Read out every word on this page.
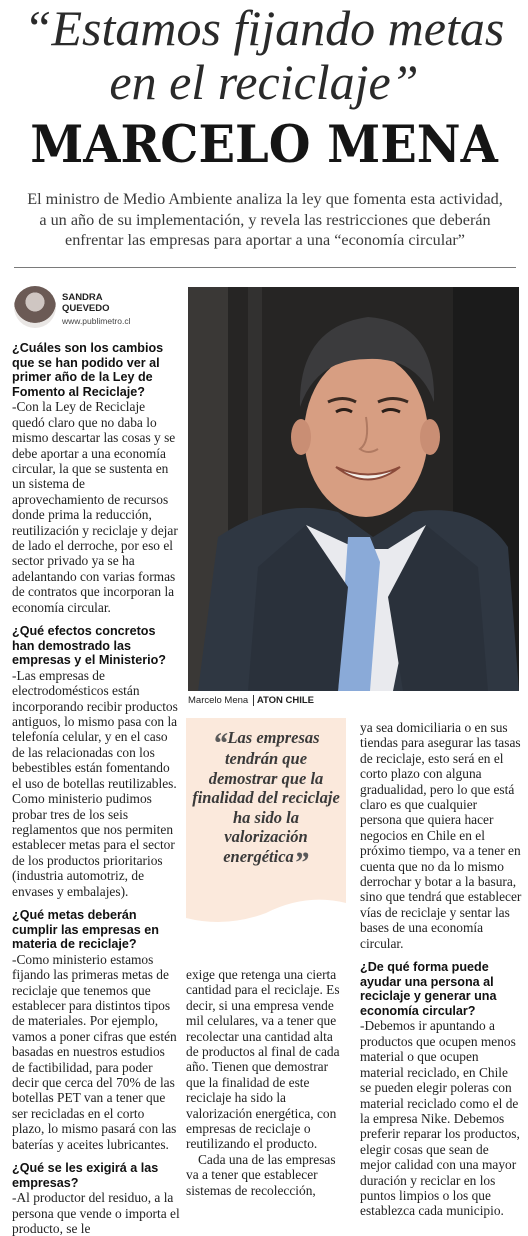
“Estamos fijando metas
en el reciclaje”
MARCELO MENA
El ministro de Medio Ambiente analiza la ley que fomenta esta actividad, a un año de su implementación, y revela las restricciones que deberán enfrentar las empresas para aportar a una “economía circular”
SANDRA
QUEVEDO
www.publimetro.cl

¿Cuáles son los cambios que se han podido ver al primer año de la Ley de Fomento al Reciclaje?

-Con la Ley de Reciclaje quedó claro que no daba lo mismo descartar las cosas y se debe aportar a una economía circular, la que se sustenta en un sistema de aprovechamiento de recursos donde prima la reducción, reutilización y reciclaje y dejar de lado el derroche, por eso el sector privado ya se ha adelantando con varias formas de contratos que incorporan la economía circular.

¿Qué efectos concretos han demostrado las empresas y el Ministerio?

-Las empresas de electrodomésticos están incorporando recibir productos antiguos, lo mismo pasa con la telefonía celular, y en el caso de las relacionadas con los bebestibles están fomentando el uso de botellas reutilizables. Como ministerio pudimos probar tres de los seis reglamentos que nos permiten establecer metas para el sector de los productos prioritarios (industria automotriz, de envases y embalajes).

¿Qué metas deberán cumplir las empresas en materia de reciclaje?

-Como ministerio estamos fijando las primeras metas de reciclaje que tenemos que establecer para distintos tipos de materiales. Por ejemplo, vamos a poner cifras que estén basadas en nuestros estudios de factibilidad, para poder decir que cerca del 70% de las botellas PET van a tener que ser recicladas en el corto plazo, lo mismo pasará con las baterías y aceites lubricantes.

¿Qué se les exigirá a las empresas?

-Al productor del residuo, a la persona que vende o importa el producto, se le

Marcelo Mena ATON CHILE
“Las empresas tendrán que demostrar que la finalidad del reciclaje ha sido la valorización energética”

exige que retenga una cierta cantidad para el reciclaje. Es decir, si una empresa vende mil celulares, va a tener que recolectar una cantidad alta de productos al final de cada año. Tienen que demostrar que la finalidad de este reciclaje ha sido la valorización energética, con empresas de reciclaje o reutilizando el producto.

Cada una de las empresas va a tener que establecer sistemas de recolección,

ya sea domiciliaria o en sus tiendas para asegurar las tasas de reciclaje, esto será en el corto plazo con alguna gradualidad, pero lo que está claro es que cualquier persona que quiera hacer negocios en Chile en el próximo tiempo, va a tener en cuenta que no da lo mismo derrochar y botar a la basura, sino que tendrá que establecer vías de reciclaje y sentar las bases de una economía circular.

¿De qué forma puede ayudar una persona al reciclaje y generar una economía circular?

-Debemos ir apuntando a productos que ocupen menos material o que ocupen material reciclado, en Chile se pueden elegir poleras con material reciclado como el de la empresa Nike. Debemos preferir reparar los productos, elegir cosas que sean de mejor calidad con una mayor duración y reciclar en los puntos limpios o los que establezca cada municipio.
